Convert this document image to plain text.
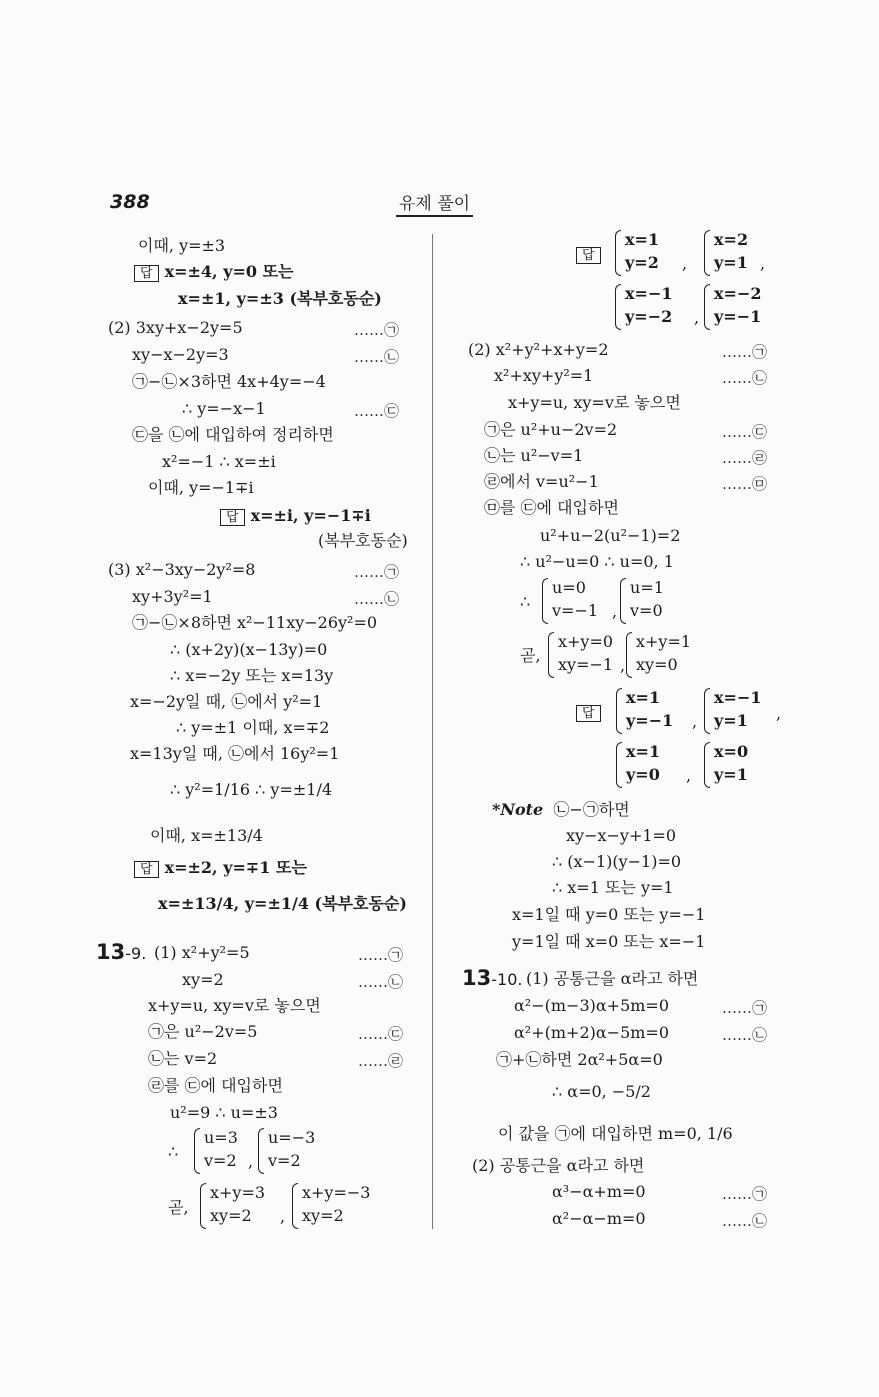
388	유제 풀이
이때, y=±3
답 x=±4, y=0 또는
x=±1, y=±3 (복부호동순)
(2) 3xy+x−2y=5	……㉠
xy−x−2y=3	……㉡
㉠−㉡×3하면 4x+4y=−4
∴ y=−x−1	……㉢
㉢을 ㉡에 대입하여 정리하면
x²=−1 ∴ x=±i
이때, y=−1∓i
답 x=±i, y=−1∓i
(복부호동순)
(3) x²−3xy−2y²=8	……㉠
xy+3y²=1	……㉡
㉠−㉡×8하면 x²−11xy−26y²=0
∴ (x+2y)(x−13y)=0
∴ x=−2y 또는 x=13y
x=−2y일 때, ㉡에서 y²=1
∴ y=±1 이때, x=∓2
x=13y일 때, ㉡에서 16y²=1
∴ y²=1/16 ∴ y=±1/4
이때, x=±13/4
답 x=±2, y=∓1 또는
x=±13/4, y=±1/4 (복부호동순)
13-9. (1) x²+y²=5	……㉠
xy=2	……㉡
x+y=u, xy=v로 놓으면
㉠은 u²−2v=5	……㉢
㉡는 v=2	……㉣
㉣를 ㉢에 대입하면
u²=9 ∴ u=±3
∴
u=3
v=2 ,
u=−3
v=2
곧,
x+y=3
xy=2 ,
x+y=−3
xy=2
답
x=1
y=2 ,
x=2
y=1 ,
x=−1
y=−2 ,
x=−2
y=−1
(2) x²+y²+x+y=2	……㉠
x²+xy+y²=1	……㉡
x+y=u, xy=v로 놓으면
㉠은 u²+u−2v=2	……㉢
㉡는 u²−v=1	……㉣
㉣에서 v=u²−1	……㉤
㉤를 ㉢에 대입하면
u²+u−2(u²−1)=2
∴ u²−u=0 ∴ u=0, 1
∴
u=0
v=−1 ,
u=1
v=0
곧,
x+y=0
xy=−1 ,
x+y=1
xy=0
답
x=1
y=−1 ,
x=−1
y=1 ,
x=1
y=0 ,
x=0
y=1
*Note ㉡−㉠하면
xy−x−y+1=0
∴ (x−1)(y−1)=0
∴ x=1 또는 y=1
x=1일 때 y=0 또는 y=−1
y=1일 때 x=0 또는 x=−1
13-10. (1) 공통근을 α라고 하면
α²−(m−3)α+5m=0	……㉠
α²+(m+2)α−5m=0	……㉡
㉠+㉡하면 2α²+5α=0
∴ α=0, −5/2
이 값을 ㉠에 대입하면 m=0, 1/6
(2) 공통근을 α라고 하면
α³−α+m=0	……㉠
α²−α−m=0	……㉡
